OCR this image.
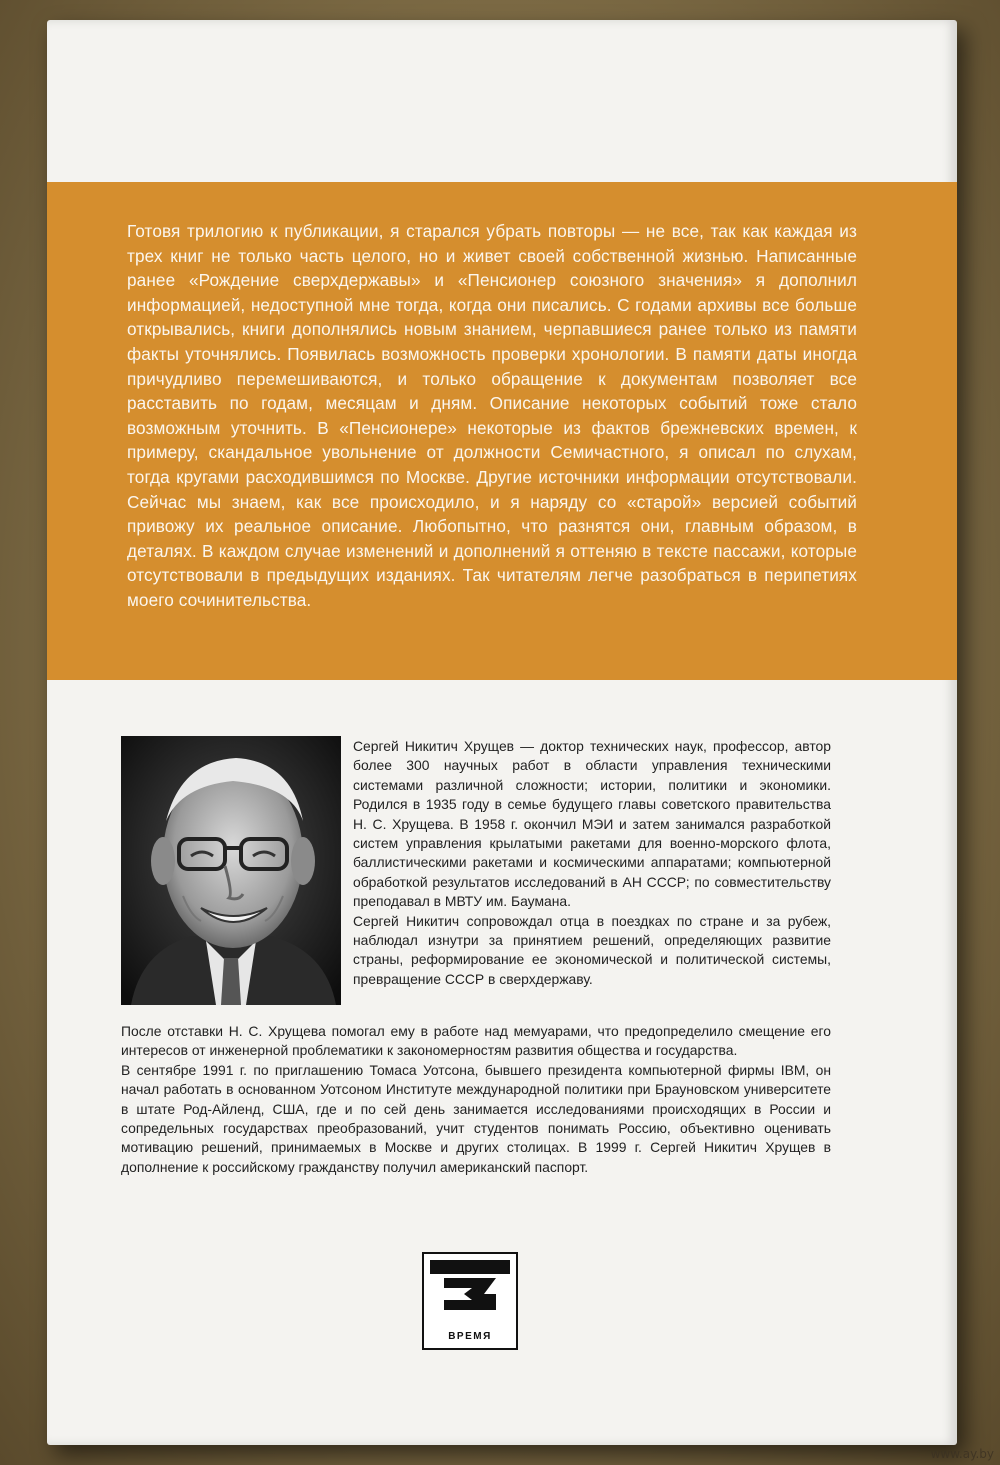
Готовя трилогию к публикации, я старался убрать повторы — не все, так как каждая из трех книг не только часть целого, но и живет своей собственной жизнью. Написанные ранее «Рождение сверхдержавы» и «Пенсионер союзного значения» я дополнил информацией, недоступной мне тогда, когда они писались. С годами архивы все больше открывались, книги дополнялись новым знанием, черпавшиеся ранее только из памяти факты уточнялись. Появилась возможность проверки хронологии. В памяти даты иногда причудливо перемешиваются, и только обращение к документам позволяет все расставить по годам, месяцам и дням. Описание некоторых событий тоже стало возможным уточнить. В «Пенсионере» некоторые из фактов брежневских времен, к примеру, скандальное увольнение от должности Семичастного, я описал по слухам, тогда кругами расходившимся по Москве. Другие источники информации отсутствовали. Сейчас мы знаем, как все происходило, и я наряду со «старой» версией событий привожу их реальное описание. Любопытно, что разнятся они, главным образом, в деталях. В каждом случае изменений и дополнений я оттеняю в тексте пассажи, которые отсутствовали в предыдущих изданиях. Так читателям легче разобраться в перипетиях моего сочинительства.

Сергей Никитич Хрущев — доктор технических наук, профессор, автор более 300 научных работ в области управления техническими системами различной сложности; истории, политики и экономики. Родился в 1935 году в семье будущего главы советского правительства Н. С. Хрущева. В 1958 г. окончил МЭИ и затем занимался разработкой систем управления крылатыми ракетами для военно-морского флота, баллистическими ракетами и космическими аппаратами; компьютерной обработкой результатов исследований в АН СССР; по совместительству преподавал в МВТУ им. Баумана.

Сергей Никитич сопровождал отца в поездках по стране и за рубеж, наблюдал изнутри за принятием решений, определяющих развитие страны, реформирование ее экономической и политической системы, превращение СССР в сверхдержаву.

После отставки Н. С. Хрущева помогал ему в работе над мемуарами, что предопределило смещение его интересов от инженерной проблематики к закономерностям развития общества и государства.

В сентябре 1991 г. по приглашению Томаса Уотсона, бывшего президента компьютерной фирмы IBM, он начал работать в основанном Уотсоном Институте международной политики при Брауновском университете в штате Род-Айленд, США, где и по сей день занимается исследованиями происходящих в России и сопредельных государствах преобразований, учит студентов понимать Россию, объективно оценивать мотивацию решений, принимаемых в Москве и других столицах. В 1999 г. Сергей Никитич Хрущев в дополнение к российскому гражданству получил американский паспорт.

ВРЕМЯ
www.ay.by
